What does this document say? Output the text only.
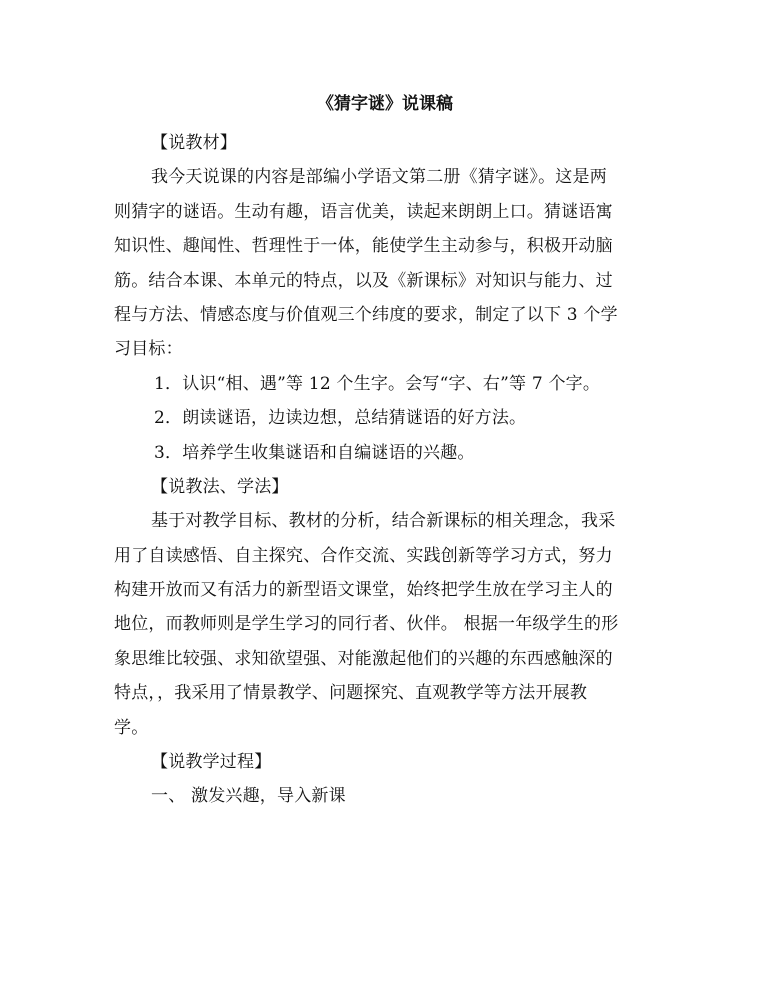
《猜字谜》说课稿
【说教材】
我今天说课的内容是部编小学语文第二册《猜字谜》。这是两
则猜字的谜语。生动有趣，语言优美，读起来朗朗上口。猜谜语寓
知识性、趣闻性、哲理性于一体，能使学生主动参与，积极开动脑
筋。结合本课、本单元的特点，以及《新课标》对知识与能力、过
程与方法、情感态度与价值观三个纬度的要求，制定了以下 3 个学
习目标：
1．认识“相、遇”等 12 个生字。会写“字、右”等 7 个字。
2．朗读谜语，边读边想，总结猜谜语的好方法。
3．培养学生收集谜语和自编谜语的兴趣。
【说教法、学法】
基于对教学目标、教材的分析，结合新课标的相关理念，我采
用了自读感悟、自主探究、合作交流、实践创新等学习方式，努力
构建开放而又有活力的新型语文课堂，始终把学生放在学习主人的
地位，而教师则是学生学习的同行者、伙伴。 根据一年级学生的形
象思维比较强、求知欲望强、对能激起他们的兴趣的东西感触深的
特点，，我采用了情景教学、问题探究、直观教学等方法开展教
学。
【说教学过程】
一、 激发兴趣，导入新课
